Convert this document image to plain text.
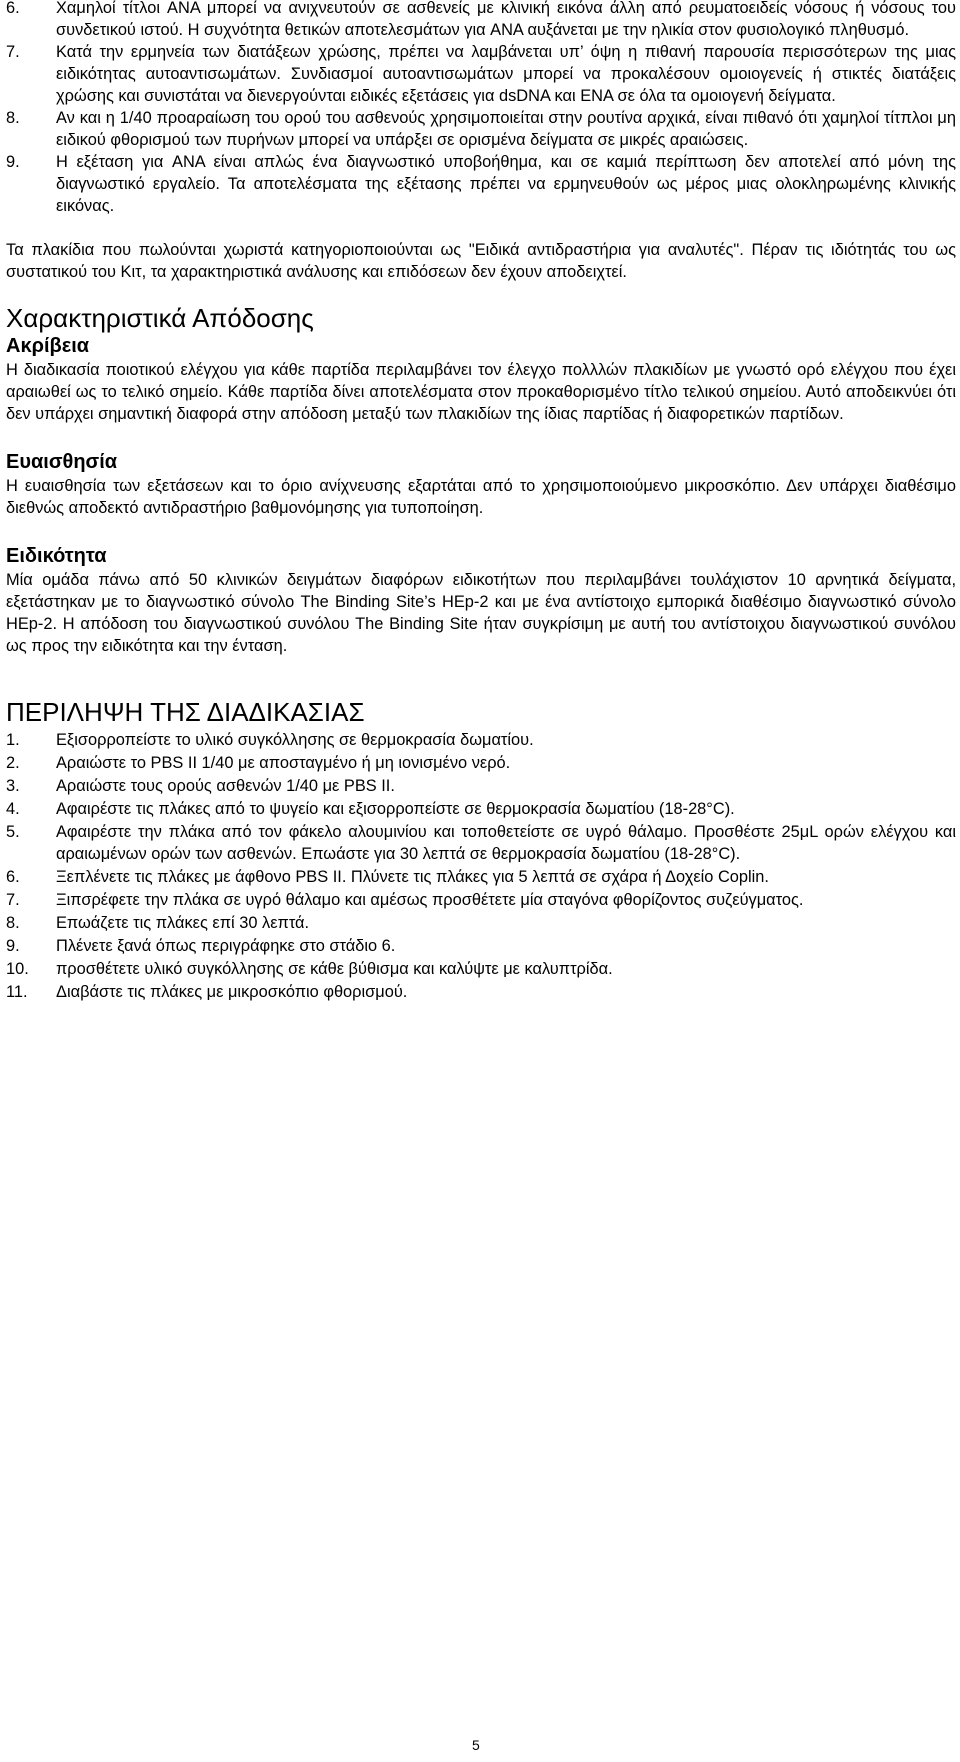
6. Χαμηλοί τίτλοι ANA μπορεί να ανιχνευτούν σε ασθενείς με κλινική εικόνα άλλη από ρευματοειδείς νόσους ή νόσους του συνδετικού ιστού. Η συχνότητα θετικών αποτελεσμάτων για ANA αυξάνεται με την ηλικία στον φυσιολογικό πληθυσμό.
7. Κατά την ερμηνεία των διατάξεων χρώσης, πρέπει να λαμβάνεται υπ’ όψη η πιθανή παρουσία περισσότερων της μιας ειδικότητας αυτοαντισωμάτων. Συνδιασμοί αυτοαντισωμάτων μπορεί να προκαλέσουν ομοιογενείς ή στικτές διατάξεις χρώσης και συνιστάται να διενεργούνται ειδικές εξετάσεις για dsDNA και ENA σε όλα τα ομοιογενή δείγματα.
8. Αν και η 1/40 προαραίωση του ορού του ασθενούς χρησιμοποιείται στην ρουτίνα αρχικά, είναι πιθανό ότι χαμηλοί τίτπλοι μη ειδικού φθορισμού των πυρήνων μπορεί να υπάρξει σε ορισμένα δείγματα σε μικρές αραιώσεις.
9. Η εξέταση για ANA είναι απλώς ένα διαγνωστικό υποβοήθημα, και σε καμιά περίπτωση δεν αποτελεί από μόνη της διαγνωστικό εργαλείο. Τα αποτελέσματα της εξέτασης πρέπει να ερμηνευθούν ως μέρος μιας ολοκληρωμένης κλινικής εικόνας.

Τα πλακίδια που πωλούνται χωριστά κατηγοριοποιούνται ως "Ειδικά αντιδραστήρια για αναλυτές". Πέραν τις ιδιότητάς του ως συστατικού του Κιτ, τα χαρακτηριστικά ανάλυσης και επιδόσεων δεν έχουν αποδειχτεί.

Χαρακτηριστικά Απόδοσης
Ακρίβεια

Η διαδικασία ποιοτικού ελέγχου για κάθε παρτίδα περιλαμβάνει τον έλεγχο πολλλών πλακιδίων με γνωστό ορό ελέγχου που έχει αραιωθεί ως το τελικό σημείο. Κάθε παρτίδα δίνει αποτελέσματα στον προκαθορισμένο τίτλο τελικού σημείου. Αυτό αποδεικνύει ότι δεν υπάρχει σημαντική διαφορά στην απόδοση μεταξύ των πλακιδίων της ίδιας παρτίδας ή διαφορετικών παρτίδων.

Ευαισθησία

Η ευαισθησία των εξετάσεων και το όριο ανίχνευσης εξαρτάται από το χρησιμοποιούμενο μικροσκόπιο. Δεν υπάρχει διαθέσιμο διεθνώς αποδεκτό αντιδραστήριο βαθμονόμησης για τυποποίηση.

Ειδικότητα

Μία ομάδα πάνω από 50 κλινικών δειγμάτων διαφόρων ειδικοτήτων που περιλαμβάνει τουλάχιστον 10 αρνητικά δείγματα, εξετάστηκαν με το διαγνωστικό σύνολο The Binding Site’s HEp-2 και με ένα αντίστοιχο εμπορικά διαθέσιμο διαγνωστικό σύνολο HEp-2. Η απόδοση του διαγνωστικού συνόλου The Binding Site ήταν συγκρίσιμη με αυτή του αντίστοιχου διαγνωστικού συνόλου ως προς την ειδικότητα και την ένταση.

ΠΕΡΙΛΗΨΗ ΤΗΣ ΔΙΑΔΙΚΑΣΙΑΣ
1. Εξισορροπείστε το υλικό συγκόλλησης σε θερμοκρασία δωματίου.
2. Αραιώστε το PBS II 1/40 με αποσταγμένο ή μη ιονισμένο νερό.
3. Αραιώστε τους ορούς ασθενών 1/40 με PBS II.
4. Αφαιρέστε τις πλάκες από το ψυγείο και εξισορροπείστε σε θερμοκρασία δωματίου (18-28°C).
5. Αφαιρέστε την πλάκα από τον φάκελο αλουμινίου και τοποθετείστε σε υγρό θάλαμο. Προσθέστε 25μL ορών ελέγχου και αραιωμένων ορών των ασθενών. Επωάστε για 30 λεπτά σε θερμοκρασία δωματίου (18-28°C).
6. Ξεπλένετε τις πλάκες με άφθονο PBS II. Πλύνετε τις πλάκες για 5 λεπτά σε σχάρα ή Δοχείο Coplin.
7. Ξιπσρέφετε την πλάκα σε υγρό θάλαμο και αμέσως προσθέτετε μία σταγόνα φθορίζοντος συζεύγματος.
8. Επωάζετε τις πλάκες επί 30 λεπτά.
9. Πλένετε ξανά όπως περιγράφηκε στο στάδιο 6.
10. προσθέτετε υλικό συγκόλλησης σε κάθε βύθισμα και καλύψτε με καλυπτρίδα.
11. Διαβάστε τις πλάκες με μικροσκόπιο φθορισμού.
5
